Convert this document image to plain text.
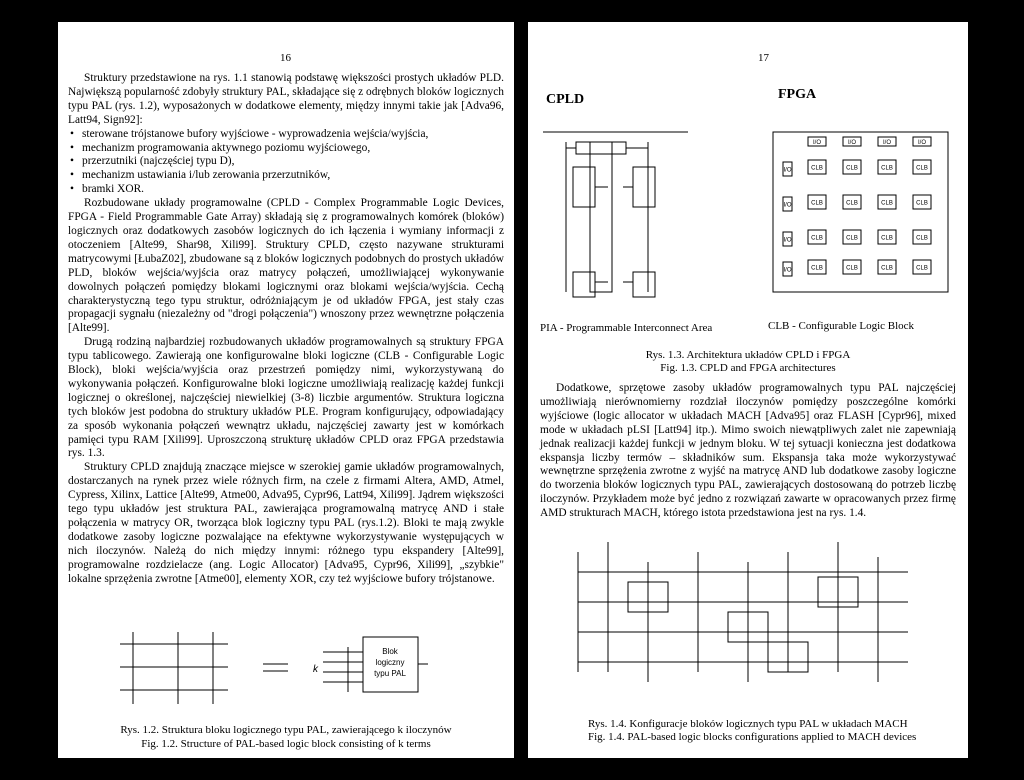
16

Struktury przedstawione na rys. 1.1 stanowią podstawę większości prostych układów PLD. Największą popularność zdobyły struktury PAL, składające się z odrębnych bloków logicznych typu PAL (rys. 1.2), wyposażonych w dodatkowe elementy, między innymi takie jak [Adva96, Latt94, Sign92]:

• sterowane trójstanowe bufory wyjściowe - wyprowadzenia wejścia/wyjścia,
• mechanizm programowania aktywnego poziomu wyjściowego,
• przerzutniki (najczęściej typu D),
• mechanizm ustawiania i/lub zerowania przerzutników,
• bramki XOR.

Rozbudowane układy programowalne (CPLD - Complex Programmable Logic Devices, FPGA - Field Programmable Gate Array) składają się z programowalnych komórek (bloków) logicznych oraz dodatkowych zasobów logicznych do ich łączenia i wymiany informacji z otoczeniem [Alte99, Shar98, Xili99]. Struktury CPLD, często nazywane strukturami matrycowymi [ŁubaZ02], zbudowane są z bloków logicznych podobnych do prostych układów PLD, bloków wejścia/wyjścia oraz matrycy połączeń, umożliwiającej wykonywanie dowolnych połączeń pomiędzy blokami logicznymi oraz blokami wejścia/wyjścia. Cechą charakterystyczną tego typu struktur, odróżniającym je od układów FPGA, jest stały czas propagacji sygnału (niezależny od "drogi połączenia") wnoszony przez wewnętrzne połączenia [Alte99].

Drugą rodziną najbardziej rozbudowanych układów programowalnych są struktury FPGA typu tablicowego. Zawierają one konfigurowalne bloki logiczne (CLB - Configurable Logic Block), bloki wejścia/wyjścia oraz przestrzeń pomiędzy nimi, wykorzystywaną do wykonywania połączeń. Konfigurowalne bloki logiczne umożliwiają realizację każdej funkcji logicznej o określonej, najczęściej niewielkiej (3-8) liczbie argumentów. Struktura logiczna tych bloków jest podobna do struktury układów PLE. Program konfigurujący, odpowiadający za sposób wykonania połączeń wewnątrz układu, najczęściej zawarty jest w komórkach pamięci typu RAM [Xili99]. Uproszczoną strukturę układów CPLD oraz FPGA przedstawia rys. 1.3.

Struktury CPLD znajdują znaczące miejsce w szerokiej gamie układów programowalnych, dostarczanych na rynek przez wiele różnych firm, na czele z firmami Altera, AMD, Atmel, Cypress, Xilinx, Lattice [Alte99, Atme00, Adva95, Cypr96, Latt94, Xili99]. Jądrem większości tego typu układów jest struktura PAL, zawierająca programowalną matrycę AND i stałe połączenia w matrycy OR, tworząca blok logiczny typu PAL (rys.1.2). Bloki te mają zwykle dodatkowe zasoby logiczne pozwalające na efektywne wykorzystywanie występujących w nich iloczynów. Należą do nich między innymi: różnego typu ekspandery [Alte99], programowalne rozdzielacze (ang. Logic Allocator) [Adva95, Cypr96, Xili99], „szybkie" lokalne sprzężenia zwrotne [Atme00], elementy XOR, czy też wyjściowe bufory trójstanowe.

k
Blok
logiczny
typu PAL
Rys. 1.2. Struktura bloku logicznego typu PAL, zawierającego k iloczynów
Fig. 1.2. Structure of PAL-based logic block consisting of k terms
17
CPLD	FPGA
I/O	I/O	I/O	I/O
I/O	CLB	CLB	CLB	CLB
I/O	CLB	CLB	CLB	CLB
I/O	CLB	CLB	CLB	CLB
I/O	CLB	CLB	CLB	CLB
PIA - Programmable Interconnect Area	CLB - Configurable Logic Block
Rys. 1.3. Architektura układów CPLD i FPGA
Fig. 1.3. CPLD and FPGA architectures

Dodatkowe, sprzętowe zasoby układów programowalnych typu PAL najczęściej umożliwiają nierównomierny rozdział iloczynów pomiędzy poszczególne komórki wyjściowe (logic allocator w układach MACH [Adva95] oraz FLASH [Cypr96], mixed mode w układach pLSI [Latt94] itp.). Mimo swoich niewątpliwych zalet nie zapewniają jednak realizacji każdej funkcji w jednym bloku. W tej sytuacji konieczna jest dodatkowa ekspansja liczby termów – składników sum. Ekspansja taka może wykorzystywać wewnętrzne sprzężenia zwrotne z wyjść na matrycę AND lub dodatkowe zasoby logiczne do tworzenia bloków logicznych typu PAL, zawierających dostosowaną do potrzeb liczbę iloczynów. Przykładem może być jedno z rozwiązań zawarte w opracowanych przez firmę AMD strukturach MACH, którego istota przedstawiona jest na rys. 1.4.

Rys. 1.4. Konfiguracje bloków logicznych typu PAL w układach MACH
Fig. 1.4. PAL-based logic blocks configurations applied to MACH devices
